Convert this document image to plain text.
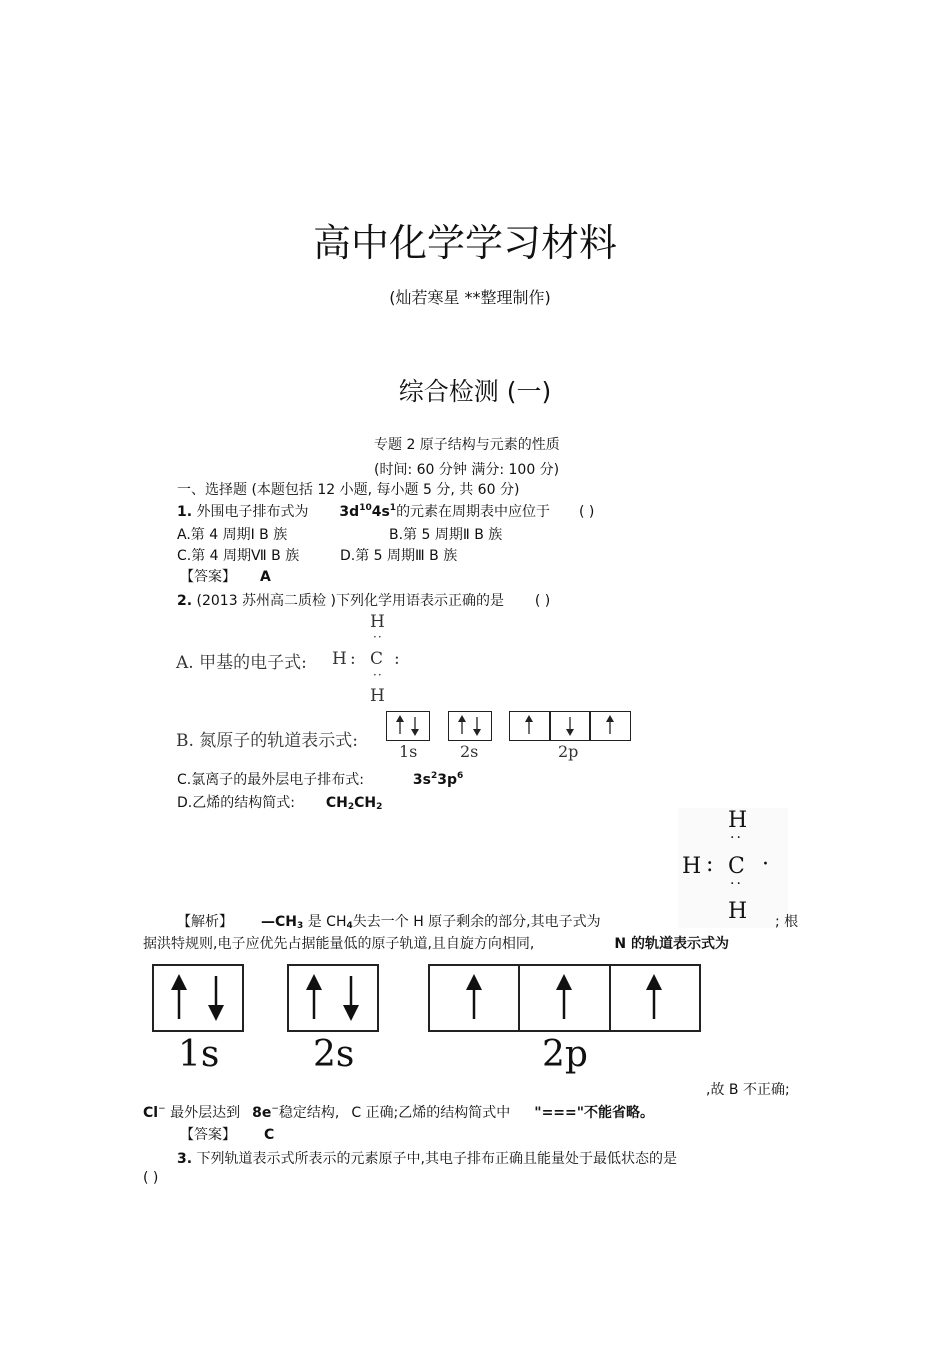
高中化学学习材料
(灿若寒星 **整理制作)
综合检测 (一)
专题 2 原子结构与元素的性质
(时间: 60 分钟 满分: 100 分)
一、选择题 (本题包括 12 小题, 每小题 5 分, 共 60 分)
1. 外围电子排布式为 $3d^{10}4s^1$的元素在周期表中应位于 ( )
A.第 4 周期Ⅰ B 族	B.第 5 周期Ⅱ B 族
C.第 4 周期Ⅶ B 族	D.第 5 周期Ⅲ B 族
【答案】 A
2. (2013 苏州高二质检 )下列化学用语表示正确的是 ( )
A. 甲基的电子式:
H
··
H : C :
··
H
B. 氮原子的轨道表示式:
1s	2s	2p
C.氯离子的最外层电子排布式:	$3s^23p^6$
D.乙烯的结构简式: $CH_2CH_2$
H
··
H : C ·
··
H
【解析】 $—CH_3$ 是 $CH_4$失去一个 H 原子剩余的部分,其电子式为	; 根
据洪特规则,电子应优先占据能量低的原子轨道,且自旋方向相同,	N 的轨道表示式为
1s	2s	2p
,故 B 不正确;
Cl− 最外层达到 8e−稳定结构, C 正确;乙烯的结构简式中 "==="不能省略。
【答案】 C
3. 下列轨道表示式所表示的元素原子中,其电子排布正确且能量处于最低状态的是
( )
